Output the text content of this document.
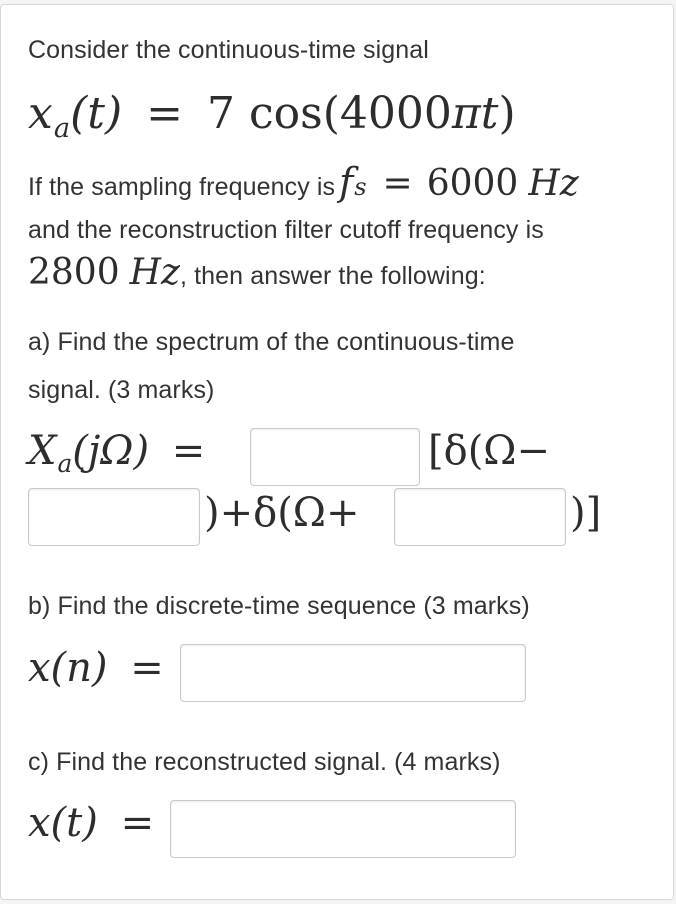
Consider the continuous-time signal
$x_a(t) = 7$ cos(4000πt)
If the sampling frequency is f s = 6000 Hz
and the reconstruction filter cutoff frequency is
2800 Hz , then answer the following:
a) Find the spectrum of the continuous-time
signal. (3 marks)
$X_a(j\Omega)$ =	[δ(Ω−
)+δ(Ω+	)]
b) Find the discrete-time sequence (3 marks)
x(n) =
c) Find the reconstructed signal. (4 marks)
x(t) =
